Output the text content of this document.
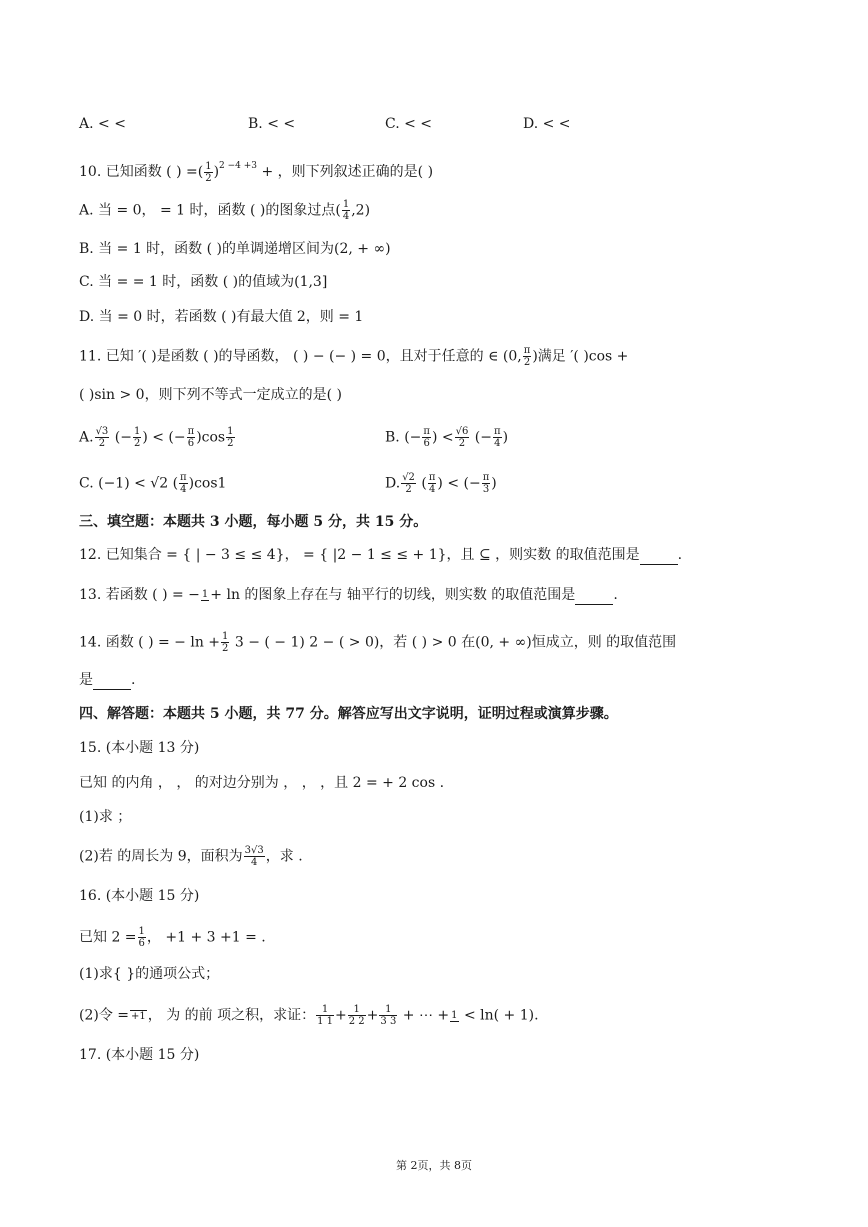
A. < <	B. < <	C. < <	D. < <
10. 已知函数 ( ) =( $\frac{1}{2} )^{2 -4 +3}$ + ，则下列叙述正确的是( )
A. 当 = 0， = 1 时，函数 ( )的图象过点( $\frac{1}{4} ,2$)
B. 当 = 1 时，函数 ( )的单调递增区间为(2, + ∞)
C. 当 = = 1 时，函数 ( )的值域为(1,3]
D. 当 = 0 时，若函数 ( )有最大值 2，则 = 1
11. 已知 ′( )是函数 ( )的导函数， ( ) − (− ) = 0，且对于任意的 ∈ (0, $\frac{\pi}{2}$ )满足 ′( )cos +
( )sin > 0，则下列不等式一定成立的是( )
A. $\frac{√3}{2}$ (− $\frac{1}{2}$ ) < (− $\frac{\pi}{6} )\cos \frac{1}{2}$	B. (− $\frac{\pi}{6}$ ) < $\frac{√6}{2}$ (− $\frac{\pi}{4}$ )
C. (−1) < √2 ( $\frac{\pi}{4} )\cos 1$	D. $\frac{√2}{2}$ ( $\frac{\pi}{4}$ ) < (− $\frac{\pi}{3}$ )
三、填空题：本题共 3 小题，每小题 5 分，共 15 分。
12. 已知集合 = { | − 3 ≤ ≤ 4}， = { |2 − 1 ≤ ≤ + 1}，且 ⊆ ，则实数 的取值范围是	.
13. 若函数 ( ) = − 1 + ln 的图象上存在与 轴平行的切线，则实数 的取值范围是	.
14. 函数 ( ) = − $\ln + \frac{1}{2} 3$ − ( − 1) 2 − ( > 0)，若 ( ) > 0 在(0, + ∞)恒成立，则 的取值范围
是	.
四、解答题：本题共 5 小题，共 77 分。解答应写出文字说明，证明过程或演算步骤。
15. (本小题 13 分)
已知 的内角 ， ， 的对边分别为 ， ， ，且 2 = + 2 cos .
(1)求 ；
(2)若 的周长为 9，面积为 $\frac{3√3}{4}$ ，求 .
16. (本小题 15 分)
已知 $2 = \frac{1}{6}$ ， +1 + 3 +1 = .
(1)求{ }的通项公式；
(2)令 = +1 ， 为 的前 项之积，求证： $\frac{1}{1 1} + \frac{1}{2 2} + \frac{1}{3 3}$ + ⋯ + 1 < ln( + 1).
17. (本小题 15 分)
第 2页，共 8页
